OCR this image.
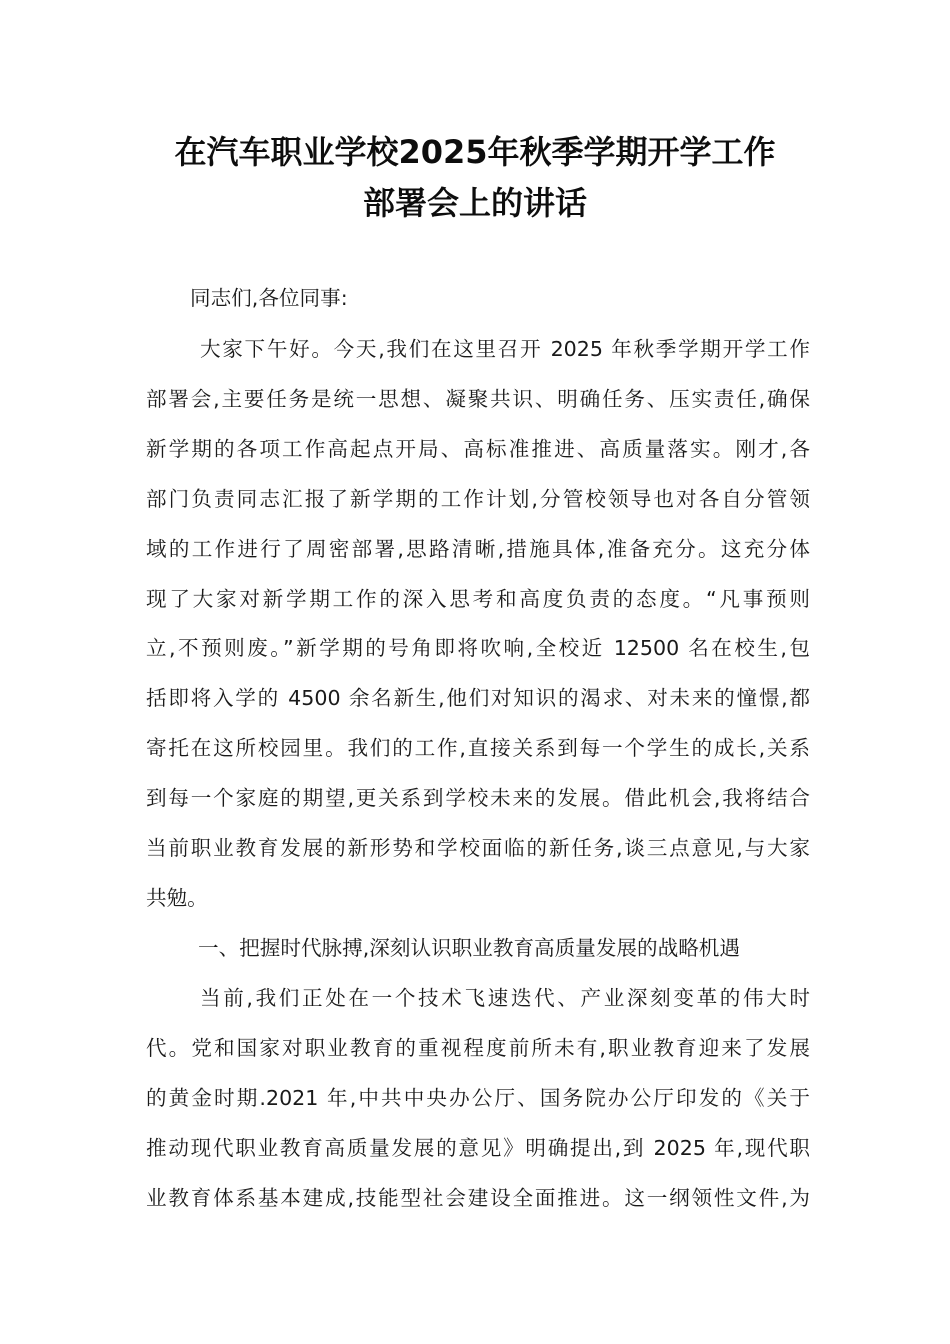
在汽车职业学校2025年秋季学期开学工作
部署会上的讲话
同志们,各位同事:
大家下午好。今天,我们在这里召开 2025 年秋季学期开学工作
部署会,主要任务是统一思想、凝聚共识、明确任务、压实责任,确保
新学期的各项工作高起点开局、高标准推进、高质量落实。刚才,各
部门负责同志汇报了新学期的工作计划,分管校领导也对各自分管领
域的工作进行了周密部署,思路清晰,措施具体,准备充分。这充分体
现了大家对新学期工作的深入思考和高度负责的态度。“凡事预则
立,不预则废。”新学期的号角即将吹响,全校近 12500 名在校生,包
括即将入学的 4500 余名新生,他们对知识的渴求、对未来的憧憬,都
寄托在这所校园里。我们的工作,直接关系到每一个学生的成长,关系
到每一个家庭的期望,更关系到学校未来的发展。借此机会,我将结合
当前职业教育发展的新形势和学校面临的新任务,谈三点意见,与大家
共勉。
一、把握时代脉搏,深刻认识职业教育高质量发展的战略机遇
当前,我们正处在一个技术飞速迭代、产业深刻变革的伟大时
代。党和国家对职业教育的重视程度前所未有,职业教育迎来了发展
的黄金时期.2021 年,中共中央办公厅、国务院办公厅印发的《关于
推动现代职业教育高质量发展的意见》明确提出,到 2025 年,现代职
业教育体系基本建成,技能型社会建设全面推进。这一纲领性文件,为
